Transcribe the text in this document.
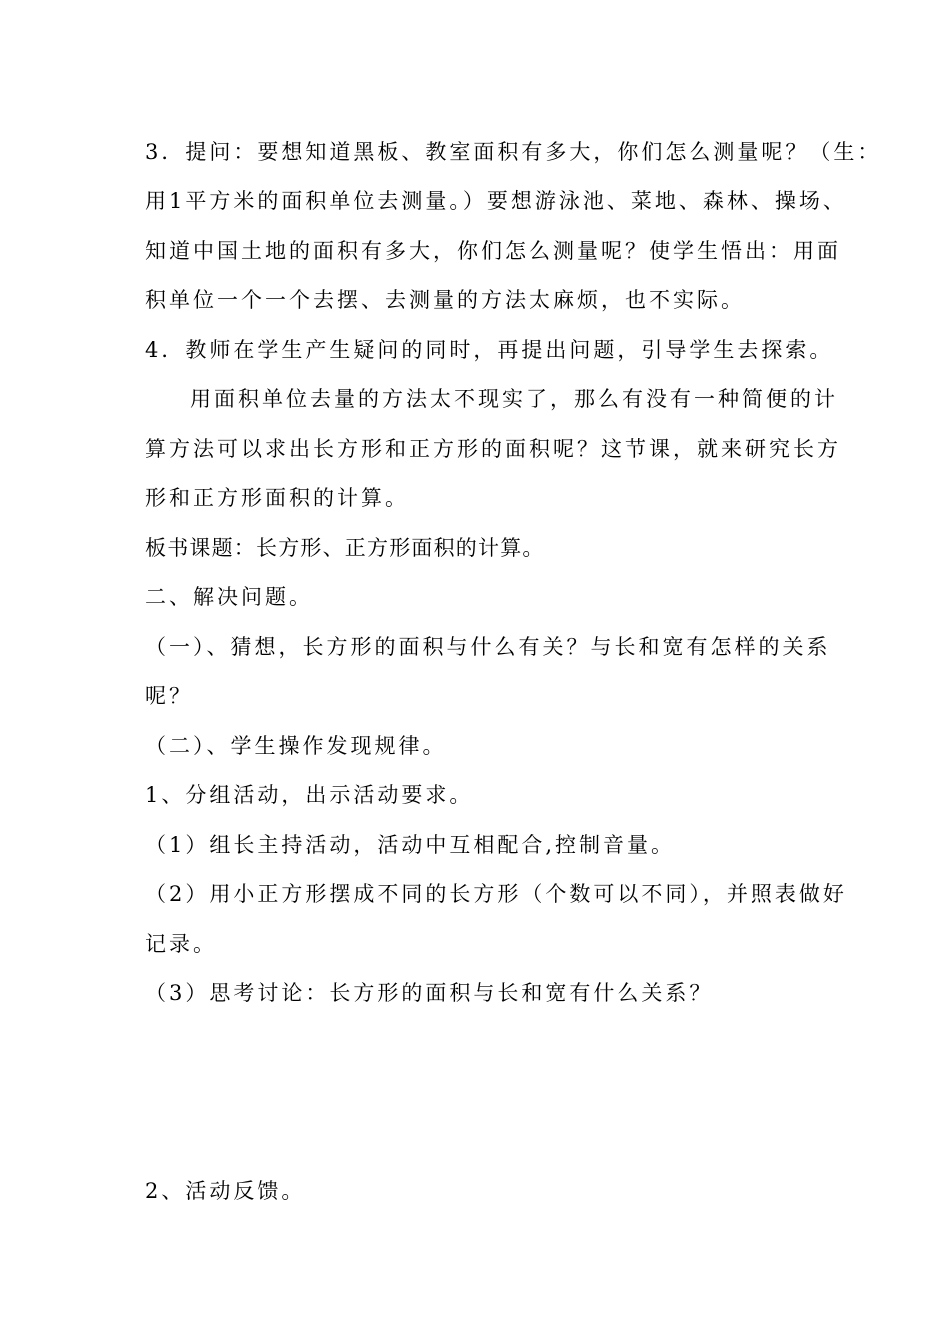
3．提问：要想知道黑板、教室面积有多大，你们怎么测量呢？（生：
用1平方米的面积单位去测量。）要想游泳池、菜地、森林、操场、
知道中国土地的面积有多大，你们怎么测量呢？使学生悟出：用面
积单位一个一个去摆、去测量的方法太麻烦，也不实际。
4．教师在学生产生疑问的同时，再提出问题，引导学生去探索。
用面积单位去量的方法太不现实了，那么有没有一种简便的计
算方法可以求出长方形和正方形的面积呢？这节课，就来研究长方
形和正方形面积的计算。
板书课题：长方形、正方形面积的计算。
二、解决问题。
（一）、猜想，长方形的面积与什么有关？与长和宽有怎样的关系
呢？
（二）、学生操作发现规律。
1、分组活动，出示活动要求。
（1）组长主持活动，活动中互相配合,控制音量。
（2）用小正方形摆成不同的长方形（个数可以不同），并照表做好
记录。
（3）思考讨论：长方形的面积与长和宽有什么关系？
2、活动反馈。
